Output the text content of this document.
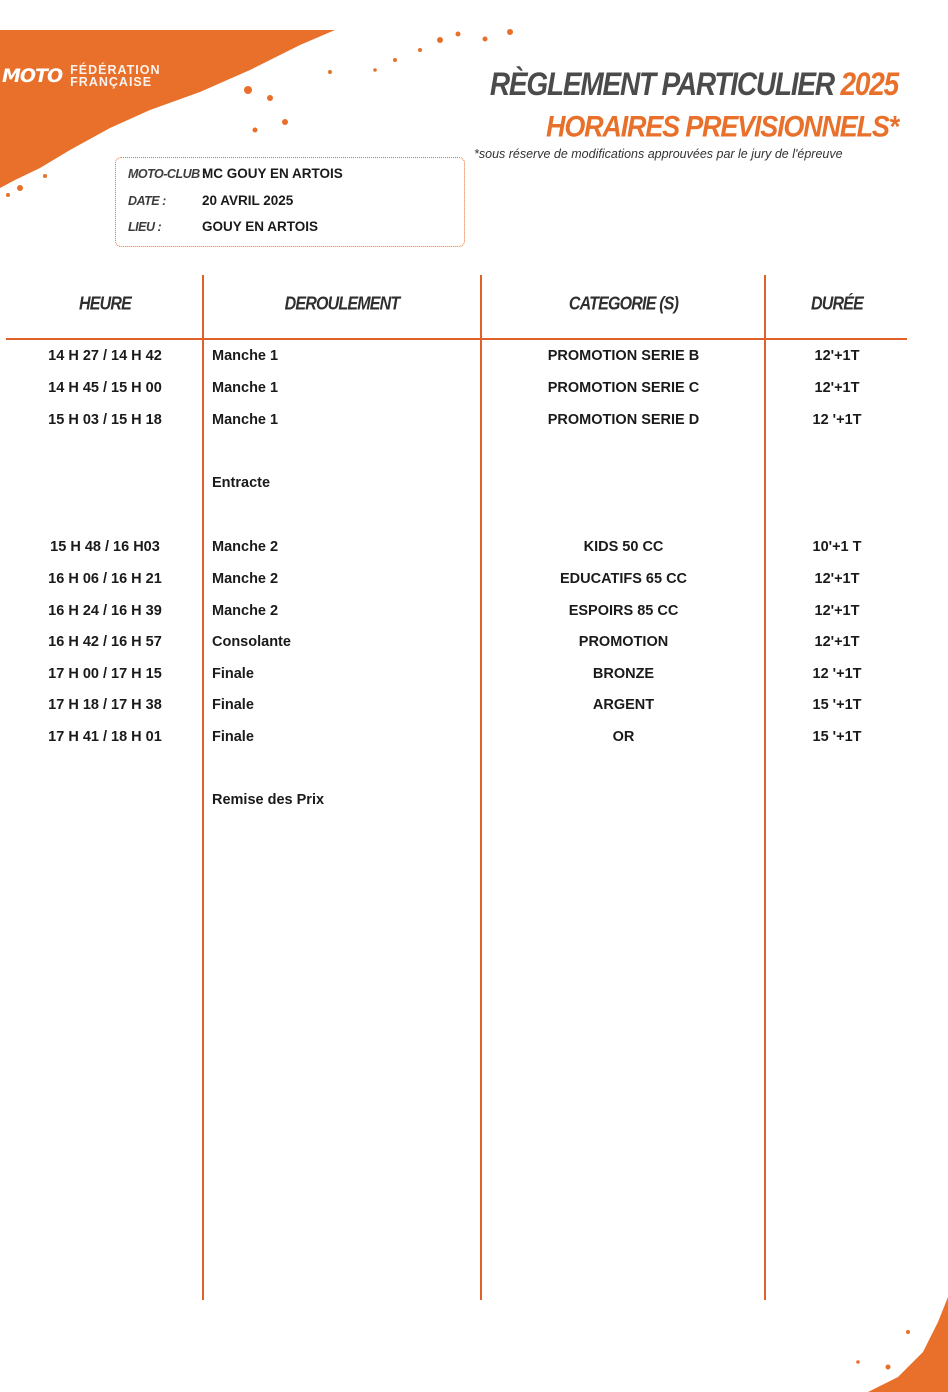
MOTO FÉDÉRATION
FRANÇAISE	RÈGLEMENT PARTICULIER 2025
HORAIRES PREVISIONNELS*
*sous réserve de modifications approuvées par le jury de l'épreuve
MOTO-CLUB :MC GOUY EN ARTOIS
DATE :	20 AVRIL 2025
LIEU :	GOUY EN ARTOIS
HEURE	DEROULEMENT	CATEGORIE (S)	DURÉE
14 H 27 / 14 H 42	Manche 1	PROMOTION SERIE B	12'+1T
14 H 45 / 15 H 00	Manche 1	PROMOTION SERIE C	12'+1T
15 H 03 / 15 H 18	Manche 1	PROMOTION SERIE D	12 '+1T
Entracte
15 H 48 / 16 H03	Manche 2	KIDS 50 CC	10'+1 T
16 H 06 / 16 H 21	Manche 2	EDUCATIFS 65 CC	12'+1T
16 H 24 / 16 H 39	Manche 2	ESPOIRS 85 CC	12'+1T
16 H 42 / 16 H 57	Consolante	PROMOTION	12'+1T
17 H 00 / 17 H 15	Finale	BRONZE	12 '+1T
17 H 18 / 17 H 38	Finale	ARGENT	15 '+1T
17 H 41 / 18 H 01	Finale	OR	15 '+1T
Remise des Prix
